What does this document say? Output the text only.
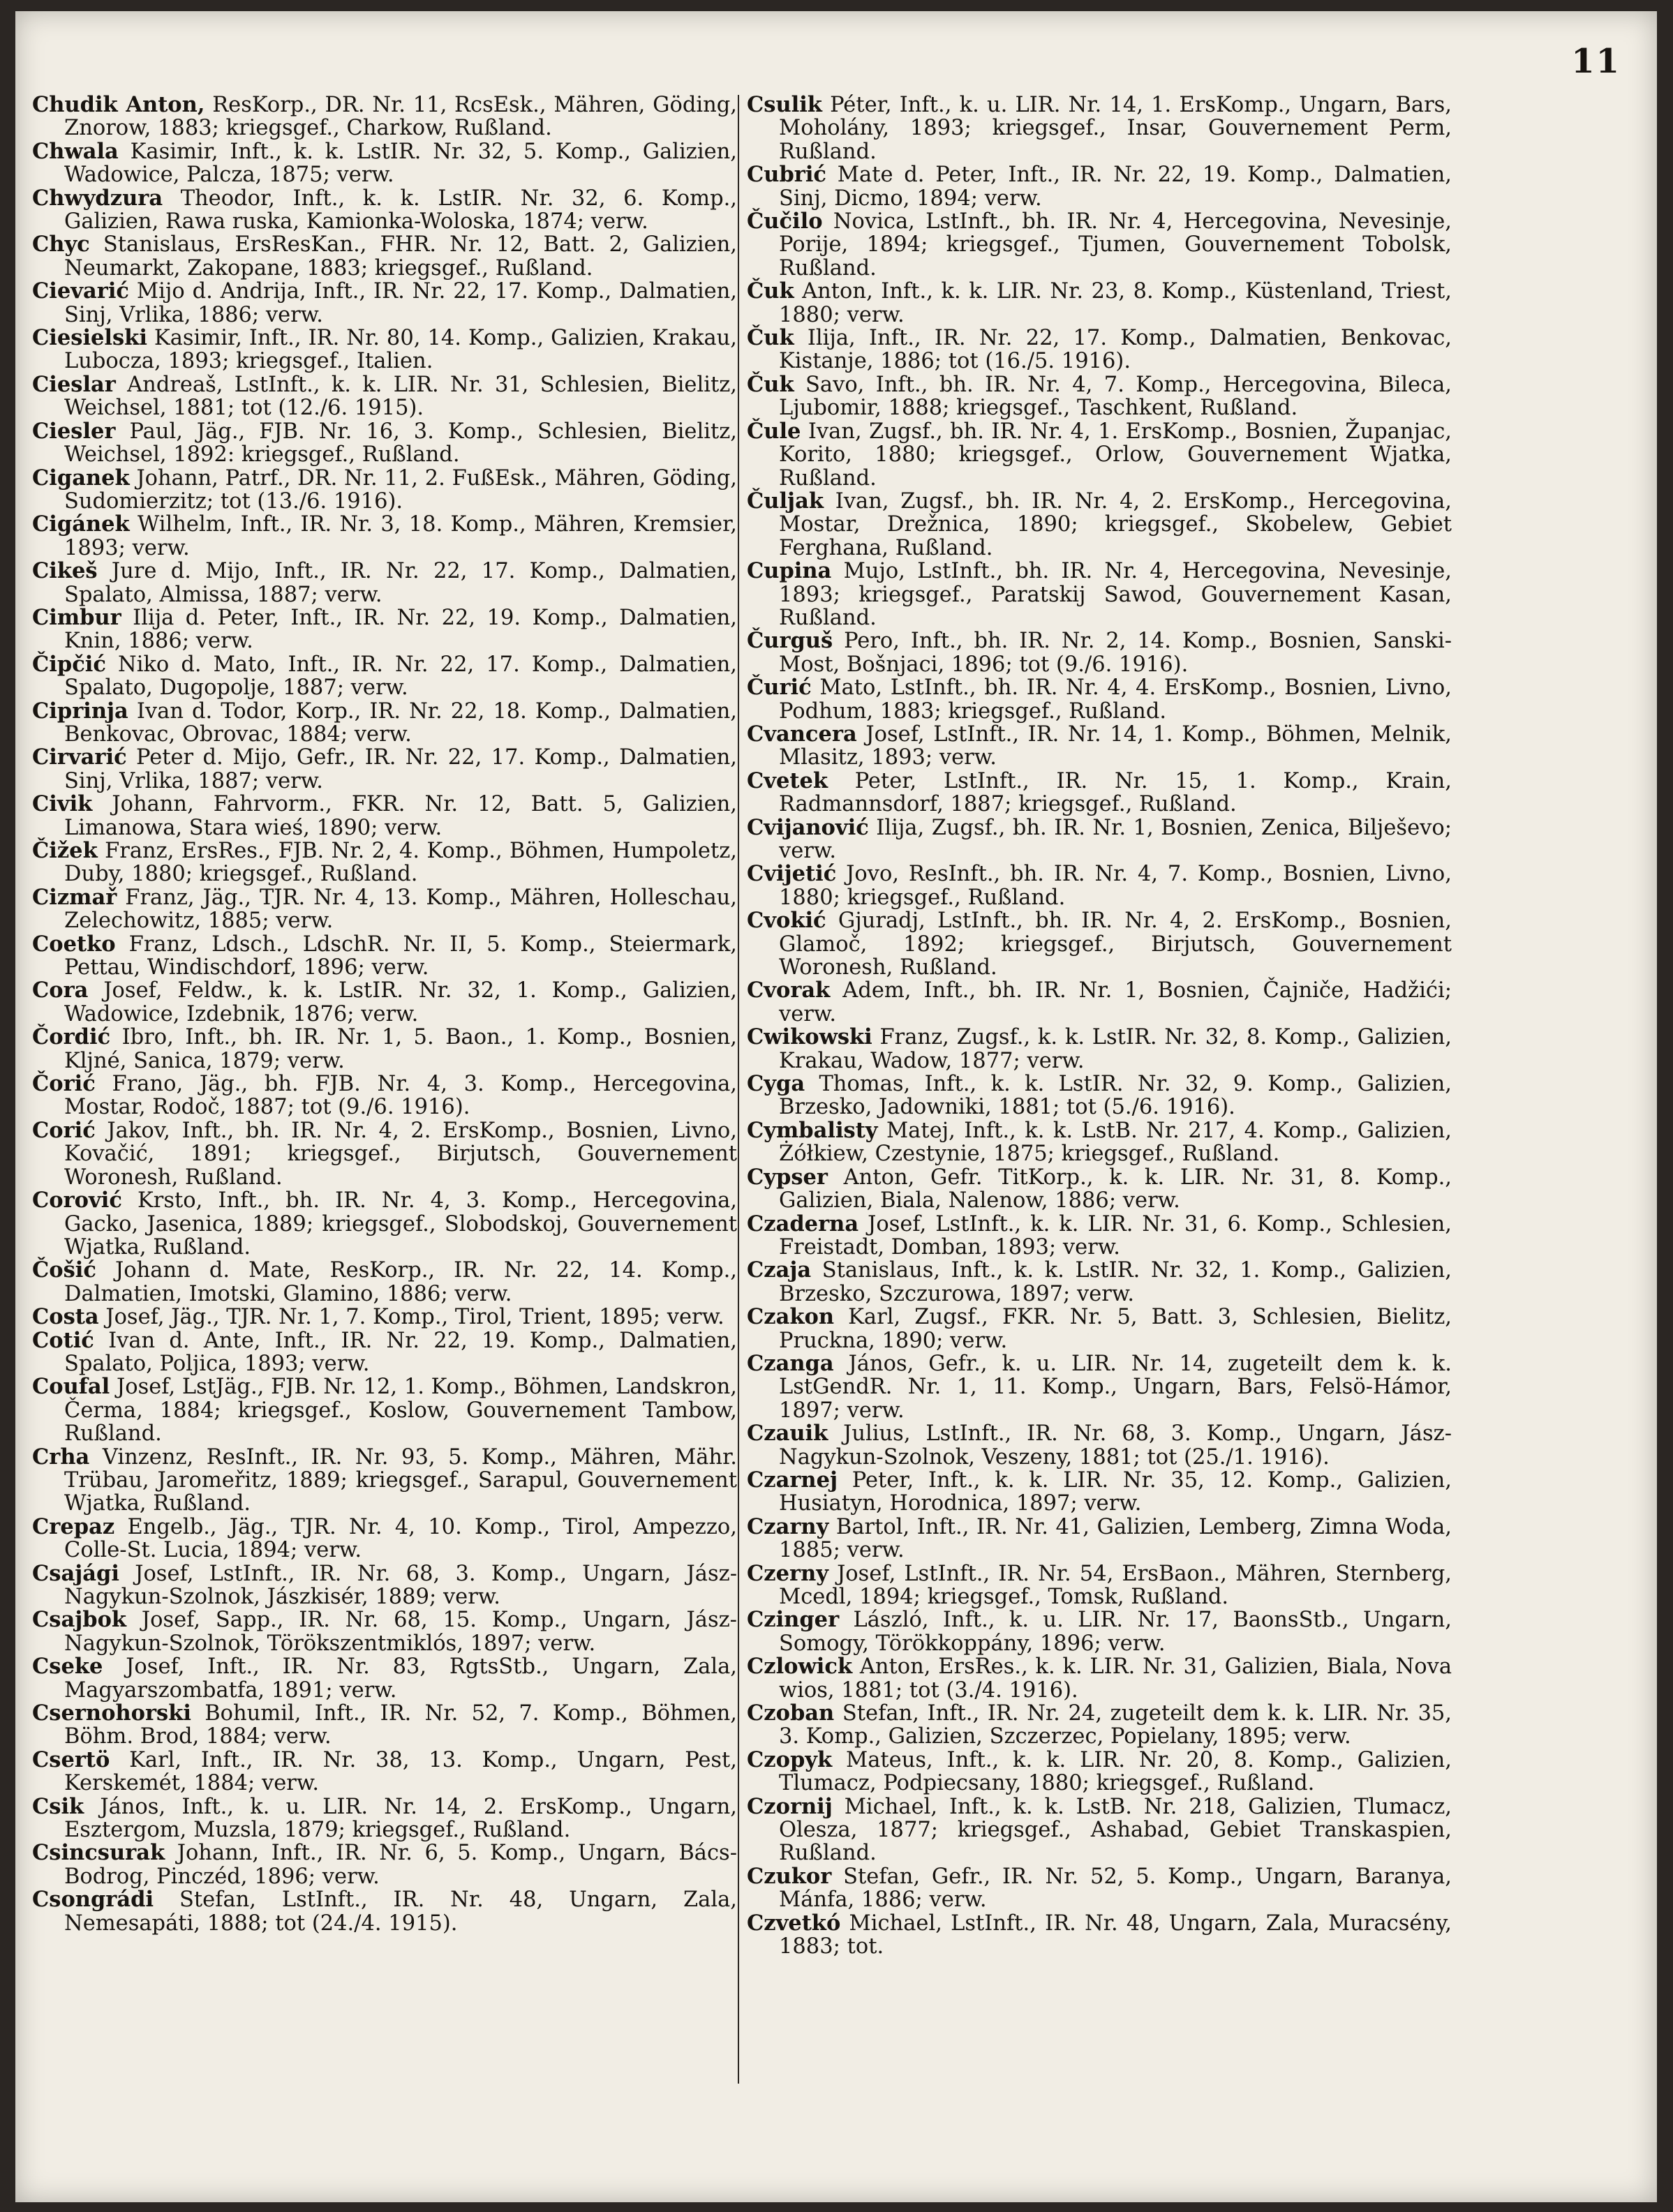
11

Chudik Anton, ResKorp., DR. Nr. 11, RcsEsk., Mähren, Göding, Znorow, 1883; kriegsgef., Charkow, Rußland.

Chwala Kasimir, Inft., k. k. LstIR. Nr. 32, 5. Komp., Galizien, Wadowice, Palcza, 1875; verw.

Chwydzura Theodor, Inft., k. k. LstIR. Nr. 32, 6. Komp., Galizien, Rawa ruska, Kamionka-Woloska, 1874; verw.

Chyc Stanislaus, ErsResKan., FHR. Nr. 12, Batt. 2, Galizien, Neumarkt, Zakopane, 1883; kriegsgef., Rußland.

Cievarić Mijo d. Andrija, Inft., IR. Nr. 22, 17. Komp., Dalmatien, Sinj, Vrlika, 1886; verw.

Ciesielski Kasimir, Inft., IR. Nr. 80, 14. Komp., Galizien, Krakau, Lubocza, 1893; kriegsgef., Italien.

Cieslar Andreaš, LstInft., k. k. LIR. Nr. 31, Schlesien, Bielitz, Weichsel, 1881; tot (12./6. 1915).

Ciesler Paul, Jäg., FJB. Nr. 16, 3. Komp., Schlesien, Bielitz, Weichsel, 1892: kriegsgef., Rußland.

Ciganek Johann, Patrf., DR. Nr. 11, 2. FußEsk., Mähren, Göding, Sudomierzitz; tot (13./6. 1916).

Cigánek Wilhelm, Inft., IR. Nr. 3, 18. Komp., Mähren, Kremsier, 1893; verw.

Cikeš Jure d. Mijo, Inft., IR. Nr. 22, 17. Komp., Dalmatien, Spalato, Almissa, 1887; verw.

Cimbur Ilija d. Peter, Inft., IR. Nr. 22, 19. Komp., Dalmatien, Knin, 1886; verw.

Čipčić Niko d. Mato, Inft., IR. Nr. 22, 17. Komp., Dalmatien, Spalato, Dugopolje, 1887; verw.

Ciprinja Ivan d. Todor, Korp., IR. Nr. 22, 18. Komp., Dalmatien, Benkovac, Obrovac, 1884; verw.

Cirvarić Peter d. Mijo, Gefr., IR. Nr. 22, 17. Komp., Dalmatien, Sinj, Vrlika, 1887; verw.

Civik Johann, Fahrvorm., FKR. Nr. 12, Batt. 5, Galizien, Limanowa, Stara wieś, 1890; verw.

Čižek Franz, ErsRes., FJB. Nr. 2, 4. Komp., Böhmen, Humpoletz, Duby, 1880; kriegsgef., Rußland.

Cizmař Franz, Jäg., TJR. Nr. 4, 13. Komp., Mähren, Holleschau, Zelechowitz, 1885; verw.

Coetko Franz, Ldsch., LdschR. Nr. II, 5. Komp., Steiermark, Pettau, Windischdorf, 1896; verw.

Cora Josef, Feldw., k. k. LstIR. Nr. 32, 1. Komp., Galizien, Wadowice, Izdebnik, 1876; verw.

Čordić Ibro, Inft., bh. IR. Nr. 1, 5. Baon., 1. Komp., Bosnien, Kljné, Sanica, 1879; verw.

Čorić Frano, Jäg., bh. FJB. Nr. 4, 3. Komp., Hercegovina, Mostar, Rodoč, 1887; tot (9./6. 1916).

Corić Jakov, Inft., bh. IR. Nr. 4, 2. ErsKomp., Bosnien, Livno, Kovačić, 1891; kriegsgef., Birjutsch, Gouvernement Woronesh, Rußland.

Corović Krsto, Inft., bh. IR. Nr. 4, 3. Komp., Hercegovina, Gacko, Jasenica, 1889; kriegsgef., Slobodskoj, Gouvernement Wjatka, Rußland.

Čošić Johann d. Mate, ResKorp., IR. Nr. 22, 14. Komp., Dalmatien, Imotski, Glamino, 1886; verw.

Costa Josef, Jäg., TJR. Nr. 1, 7. Komp., Tirol, Trient, 1895; verw.

Cotić Ivan d. Ante, Inft., IR. Nr. 22, 19. Komp., Dalmatien, Spalato, Poljica, 1893; verw.

Coufal Josef, LstJäg., FJB. Nr. 12, 1. Komp., Böhmen, Landskron, Čerma, 1884; kriegsgef., Koslow, Gouvernement Tambow, Rußland.

Crha Vinzenz, ResInft., IR. Nr. 93, 5. Komp., Mähren, Mähr. Trübau, Jaromeřitz, 1889; kriegsgef., Sarapul, Gouvernement Wjatka, Rußland.

Crepaz Engelb., Jäg., TJR. Nr. 4, 10. Komp., Tirol, Ampezzo, Colle-St. Lucia, 1894; verw.

Csajági Josef, LstInft., IR. Nr. 68, 3. Komp., Ungarn, Jász-Nagykun-Szolnok, Jászkisér, 1889; verw.

Csajbok Josef, Sapp., IR. Nr. 68, 15. Komp., Ungarn, Jász-Nagykun-Szolnok, Törökszentmiklós, 1897; verw.

Cseke Josef, Inft., IR. Nr. 83, RgtsStb., Ungarn, Zala, Magyarszombatfa, 1891; verw.

Csernohorski Bohumil, Inft., IR. Nr. 52, 7. Komp., Böhmen, Böhm. Brod, 1884; verw.

Csertö Karl, Inft., IR. Nr. 38, 13. Komp., Ungarn, Pest, Kerskemét, 1884; verw.

Csik János, Inft., k. u. LIR. Nr. 14, 2. ErsKomp., Ungarn, Esztergom, Muzsla, 1879; kriegsgef., Rußland.

Csincsurak Johann, Inft., IR. Nr. 6, 5. Komp., Ungarn, Bács-Bodrog, Pinczéd, 1896; verw.

Csongrádi Stefan, LstInft., IR. Nr. 48, Ungarn, Zala, Nemesapáti, 1888; tot (24./4. 1915).

Csulik Péter, Inft., k. u. LIR. Nr. 14, 1. ErsKomp., Ungarn, Bars, Moholány, 1893; kriegsgef., Insar, Gouvernement Perm, Rußland.

Cubrić Mate d. Peter, Inft., IR. Nr. 22, 19. Komp., Dalmatien, Sinj, Dicmo, 1894; verw.

Čučilo Novica, LstInft., bh. IR. Nr. 4, Hercegovina, Nevesinje, Porije, 1894; kriegsgef., Tjumen, Gouvernement Tobolsk, Rußland.

Čuk Anton, Inft., k. k. LIR. Nr. 23, 8. Komp., Küstenland, Triest, 1880; verw.

Čuk Ilija, Inft., IR. Nr. 22, 17. Komp., Dalmatien, Benkovac, Kistanje, 1886; tot (16./5. 1916).

Čuk Savo, Inft., bh. IR. Nr. 4, 7. Komp., Hercegovina, Bileca, Ljubomir, 1888; kriegsgef., Taschkent, Rußland.

Čule Ivan, Zugsf., bh. IR. Nr. 4, 1. ErsKomp., Bosnien, Županjac, Korito, 1880; kriegsgef., Orlow, Gouvernement Wjatka, Rußland.

Čuljak Ivan, Zugsf., bh. IR. Nr. 4, 2. ErsKomp., Hercegovina, Mostar, Drežnica, 1890; kriegsgef., Skobelew, Gebiet Ferghana, Rußland.

Cupina Mujo, LstInft., bh. IR. Nr. 4, Hercegovina, Nevesinje, 1893; kriegsgef., Paratskij Sawod, Gouvernement Kasan, Rußland.

Čurguš Pero, Inft., bh. IR. Nr. 2, 14. Komp., Bosnien, Sanski-Most, Bošnjaci, 1896; tot (9./6. 1916).

Čurić Mato, LstInft., bh. IR. Nr. 4, 4. ErsKomp., Bosnien, Livno, Podhum, 1883; kriegsgef., Rußland.

Cvancera Josef, LstInft., IR. Nr. 14, 1. Komp., Böhmen, Melnik, Mlasitz, 1893; verw.

Cvetek Peter, LstInft., IR. Nr. 15, 1. Komp., Krain, Radmannsdorf, 1887; kriegsgef., Rußland.

Cvijanović Ilija, Zugsf., bh. IR. Nr. 1, Bosnien, Zenica, Bilješevo; verw.

Cvijetić Jovo, ResInft., bh. IR. Nr. 4, 7. Komp., Bosnien, Livno, 1880; kriegsgef., Rußland.

Cvokić Gjuradj, LstInft., bh. IR. Nr. 4, 2. ErsKomp., Bosnien, Glamoč, 1892; kriegsgef., Birjutsch, Gouvernement Woronesh, Rußland.

Cvorak Adem, Inft., bh. IR. Nr. 1, Bosnien, Čajniče, Hadžići; verw.

Cwikowski Franz, Zugsf., k. k. LstIR. Nr. 32, 8. Komp., Galizien, Krakau, Wadow, 1877; verw.

Cyga Thomas, Inft., k. k. LstIR. Nr. 32, 9. Komp., Galizien, Brzesko, Jadowniki, 1881; tot (5./6. 1916).

Cymbalisty Matej, Inft., k. k. LstB. Nr. 217, 4. Komp., Galizien, Żółkiew, Czestynie, 1875; kriegsgef., Rußland.

Cypser Anton, Gefr. TitKorp., k. k. LIR. Nr. 31, 8. Komp., Galizien, Biala, Nalenow, 1886; verw.

Czaderna Josef, LstInft., k. k. LIR. Nr. 31, 6. Komp., Schlesien, Freistadt, Domban, 1893; verw.

Czaja Stanislaus, Inft., k. k. LstIR. Nr. 32, 1. Komp., Galizien, Brzesko, Szczurowa, 1897; verw.

Czakon Karl, Zugsf., FKR. Nr. 5, Batt. 3, Schlesien, Bielitz, Pruckna, 1890; verw.

Czanga János, Gefr., k. u. LIR. Nr. 14, zugeteilt dem k. k. LstGendR. Nr. 1, 11. Komp., Ungarn, Bars, Felsö-Hámor, 1897; verw.

Czauik Julius, LstInft., IR. Nr. 68, 3. Komp., Ungarn, Jász-Nagykun-Szolnok, Veszeny, 1881; tot (25./1. 1916).

Czarnej Peter, Inft., k. k. LIR. Nr. 35, 12. Komp., Galizien, Husiatyn, Horodnica, 1897; verw.

Czarny Bartol, Inft., IR. Nr. 41, Galizien, Lemberg, Zimna Woda, 1885; verw.

Czerny Josef, LstInft., IR. Nr. 54, ErsBaon., Mähren, Sternberg, Mcedl, 1894; kriegsgef., Tomsk, Rußland.

Czinger László, Inft., k. u. LIR. Nr. 17, BaonsStb., Ungarn, Somogy, Törökkoppány, 1896; verw.

Czlowick Anton, ErsRes., k. k. LIR. Nr. 31, Galizien, Biala, Nova wios, 1881; tot (3./4. 1916).

Czoban Stefan, Inft., IR. Nr. 24, zugeteilt dem k. k. LIR. Nr. 35, 3. Komp., Galizien, Szczerzec, Popielany, 1895; verw.

Czopyk Mateus, Inft., k. k. LIR. Nr. 20, 8. Komp., Galizien, Tlumacz, Podpiecsany, 1880; kriegsgef., Rußland.

Czornij Michael, Inft., k. k. LstB. Nr. 218, Galizien, Tlumacz, Olesza, 1877; kriegsgef., Ashabad, Gebiet Transkaspien, Rußland.

Czukor Stefan, Gefr., IR. Nr. 52, 5. Komp., Ungarn, Baranya, Mánfa, 1886; verw.

Czvetkó Michael, LstInft., IR. Nr. 48, Ungarn, Zala, Muracsény, 1883; tot.
